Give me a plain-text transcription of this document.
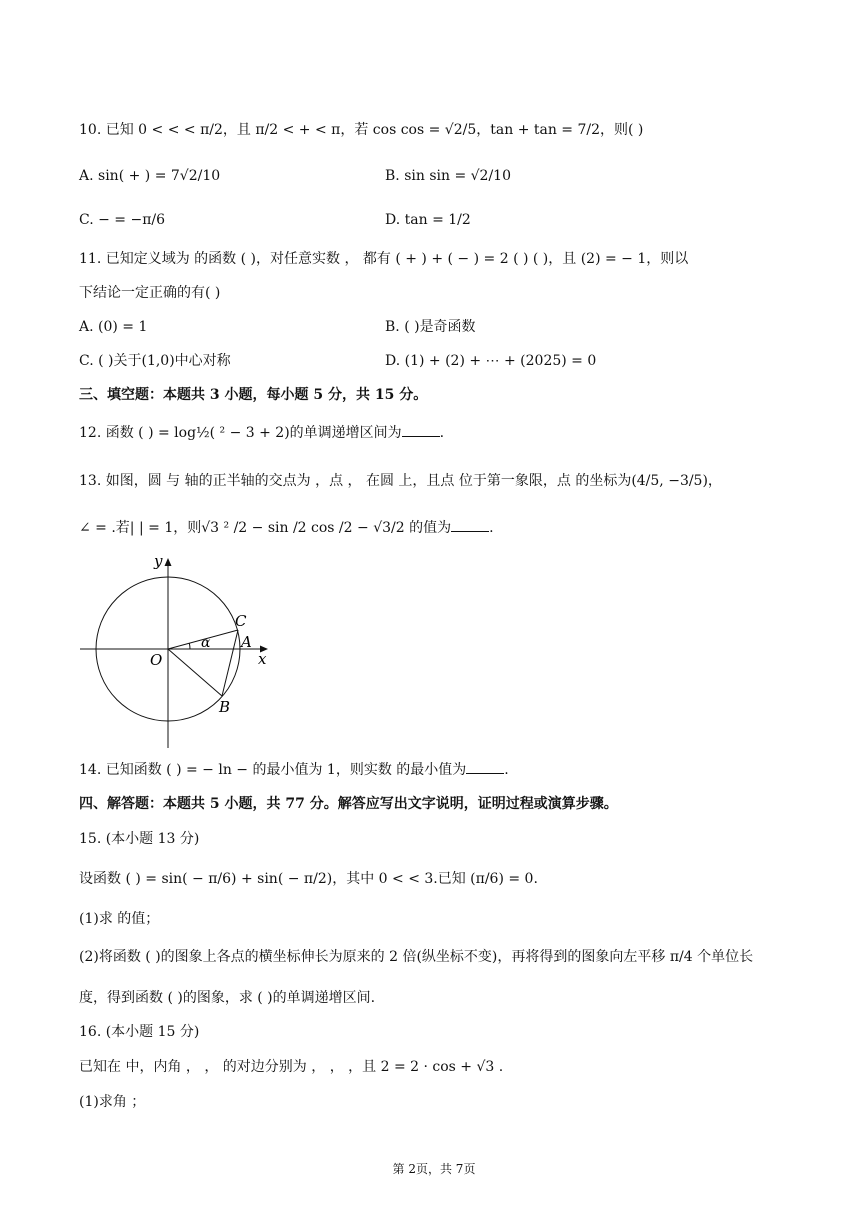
10. 已知 0 < < < π/2，且 π/2 < + < π，若 cos cos = √2/5，tan + tan = 7/2，则( )
A. sin( + ) = 7√2/10	B. sin sin = √2/10
C. − = −π/6	D. tan = 1/2
11. 已知定义域为 的函数 ( )，对任意实数 ， 都有 ( + ) + ( − ) = 2 ( ) ( )，且 (2) = − 1，则以
下结论一定正确的有( )
A. (0) = 1	B. ( )是奇函数
C. ( )关于(1,0)中心对称	D. (1) + (2) + ⋯ + (2025) = 0
三、填空题：本题共 3 小题，每小题 5 分，共 15 分。
12. 函数 ( ) = log½( ² − 3 + 2)的单调递增区间为	.
13. 如图，圆 与 轴的正半轴的交点为 ，点 ， 在圆 上，且点 位于第一象限，点 的坐标为(4/5, −3/5)，
∠ = .若| | = 1，则√3 ² /2 − sin /2 cos /2 − √3/2 的值为	.
y
x
O
A
B
C
α
14. 已知函数 ( ) = − ln − 的最小值为 1，则实数 的最小值为	.
四、解答题：本题共 5 小题，共 77 分。解答应写出文字说明，证明过程或演算步骤。
15. (本小题 13 分)
设函数 ( ) = sin( − π/6) + sin( − π/2)，其中 0 < < 3.已知 (π/6) = 0.
(1)求 的值；
(2)将函数 ( )的图象上各点的横坐标伸长为原来的 2 倍(纵坐标不变)，再将得到的图象向左平移 π/4 个单位长
度，得到函数 ( )的图象，求 ( )的单调递增区间.
16. (本小题 15 分)
已知在 中，内角 ， ， 的对边分别为 ， ， ，且 2 = 2 · cos + √3 .
(1)求角 ；
第 2页，共 7页
